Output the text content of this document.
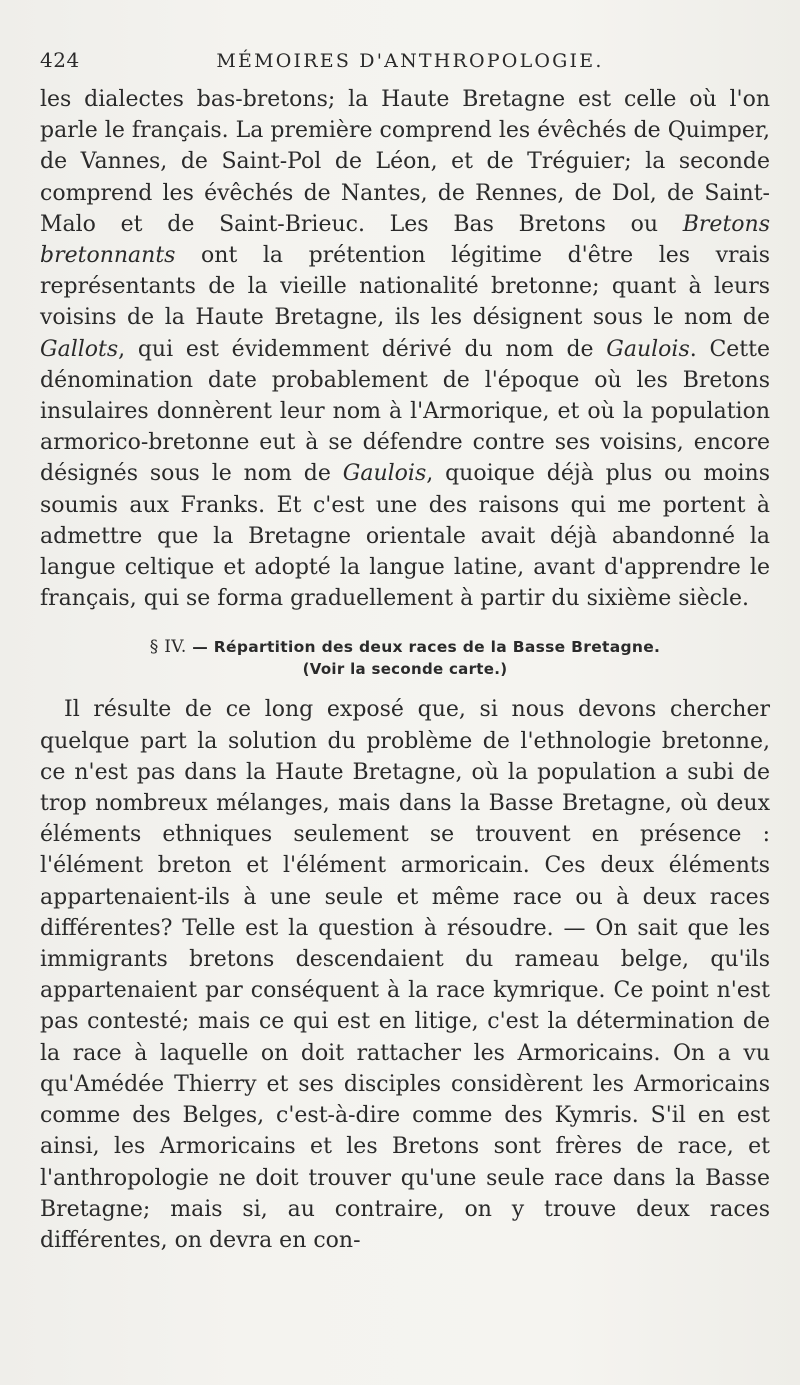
424	MÉMOIRES D'ANTHROPOLOGIE.

les dialectes bas-bretons; la Haute Bretagne est celle où l'on parle le français. La première comprend les évêchés de Quimper, de Vannes, de Saint-Pol de Léon, et de Tréguier; la seconde comprend les évêchés de Nantes, de Rennes, de Dol, de Saint-Malo et de Saint-Brieuc. Les Bas Bretons ou Bretons bretonnants ont la prétention légitime d'être les vrais représentants de la vieille nationalité bretonne; quant à leurs voisins de la Haute Bretagne, ils les désignent sous le nom de Gallots, qui est évidemment dérivé du nom de Gaulois. Cette dénomination date probablement de l'époque où les Bretons insulaires donnèrent leur nom à l'Armorique, et où la population armorico-bretonne eut à se défendre contre ses voisins, encore désignés sous le nom de Gaulois, quoique déjà plus ou moins soumis aux Franks. Et c'est une des raisons qui me portent à admettre que la Bretagne orientale avait déjà abandonné la langue celtique et adopté la langue latine, avant d'apprendre le français, qui se forma graduellement à partir du sixième siècle.

§ IV. — Répartition des deux races de la Basse Bretagne.
(Voir la seconde carte.)

Il résulte de ce long exposé que, si nous devons chercher quelque part la solution du problème de l'ethnologie bretonne, ce n'est pas dans la Haute Bretagne, où la population a subi de trop nombreux mélanges, mais dans la Basse Bretagne, où deux éléments ethniques seulement se trouvent en présence : l'élément breton et l'élément armoricain. Ces deux éléments appartenaient-ils à une seule et même race ou à deux races différentes? Telle est la question à résoudre. — On sait que les immigrants bretons descendaient du rameau belge, qu'ils appartenaient par conséquent à la race kymrique. Ce point n'est pas contesté; mais ce qui est en litige, c'est la détermination de la race à laquelle on doit rattacher les Armoricains. On a vu qu'Amédée Thierry et ses disciples considèrent les Armoricains comme des Belges, c'est-à-dire comme des Kymris. S'il en est ainsi, les Armoricains et les Bretons sont frères de race, et l'anthropologie ne doit trouver qu'une seule race dans la Basse Bretagne; mais si, au contraire, on y trouve deux races différentes, on devra en con-
